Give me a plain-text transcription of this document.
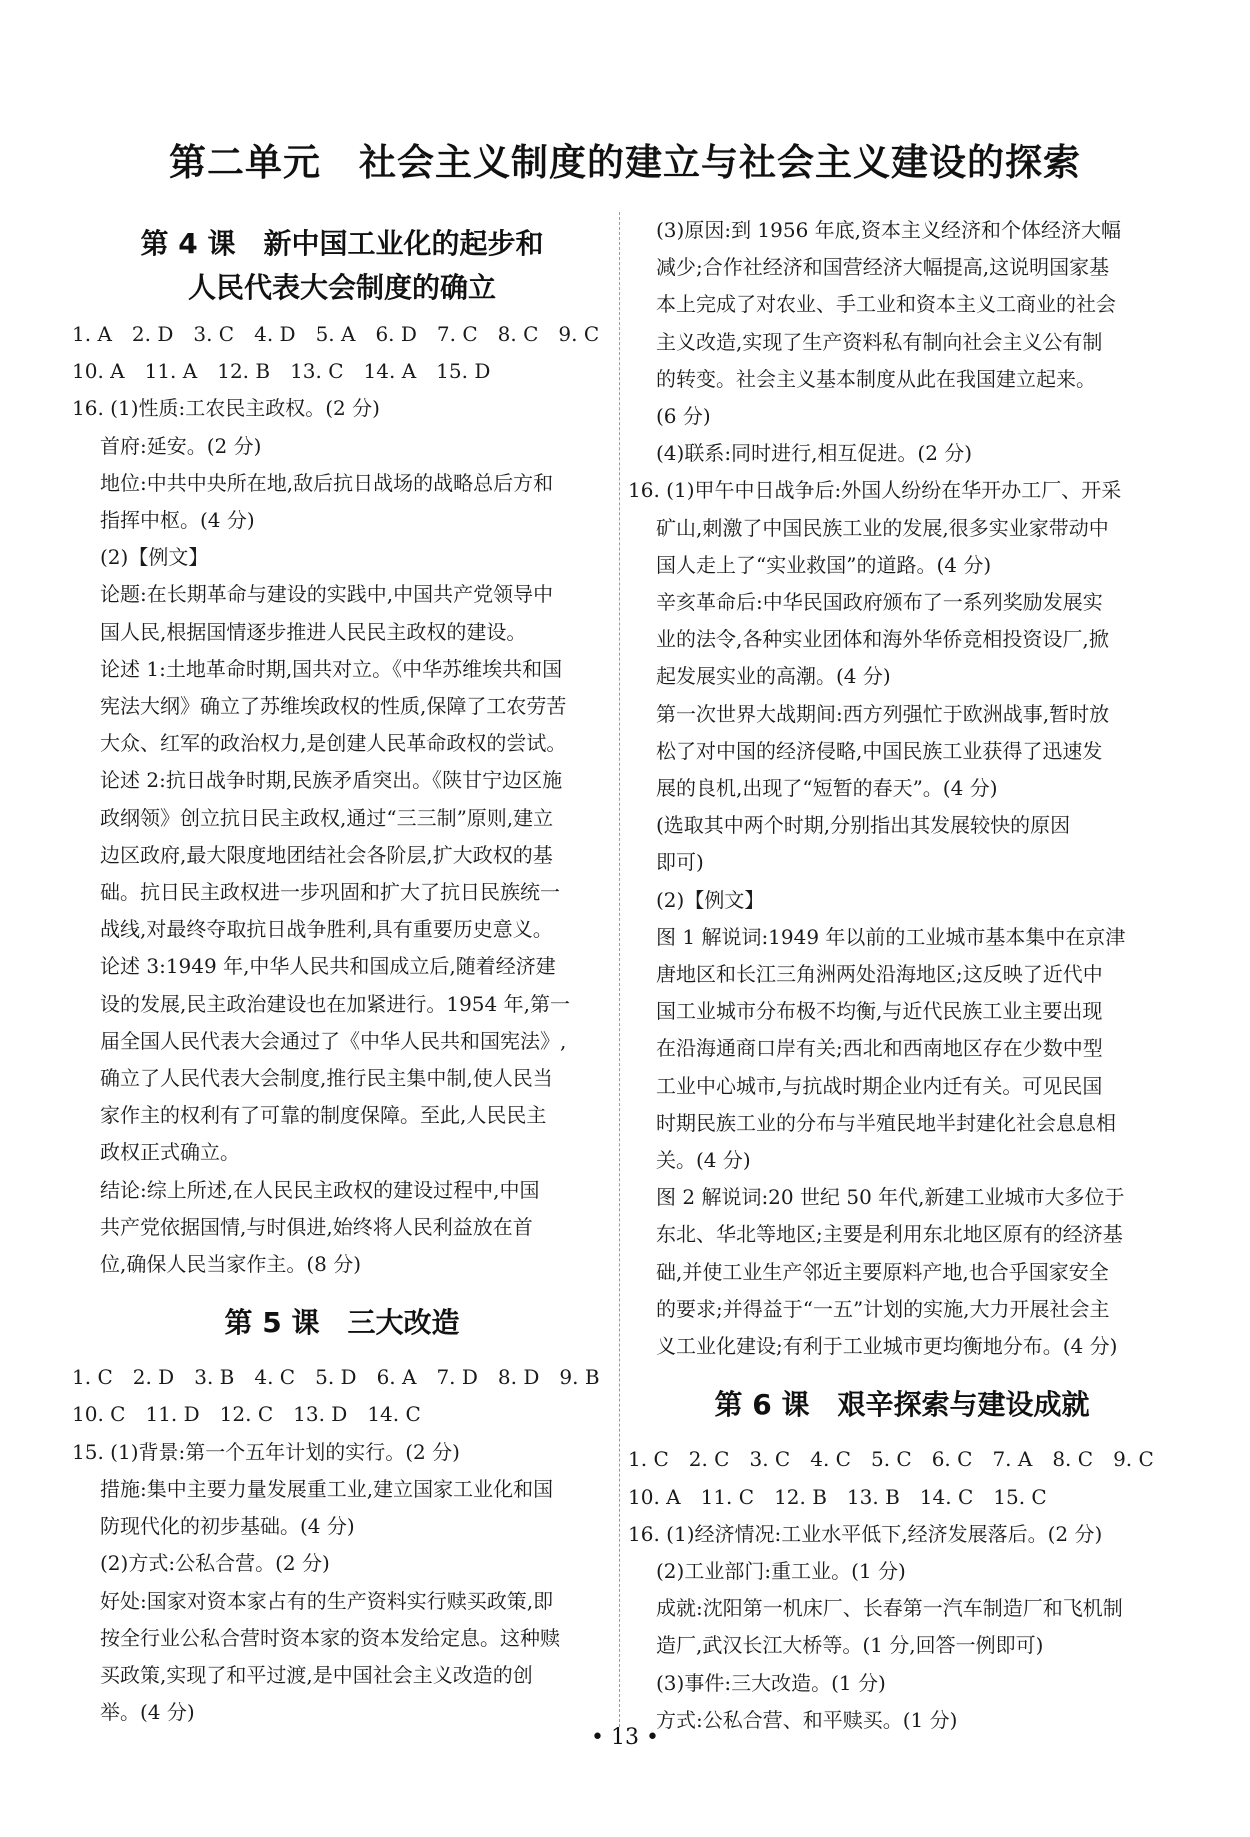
第二单元　社会主义制度的建立与社会主义建设的探索
第 4 课　新中国工业化的起步和
人民代表大会制度的确立
1. A　2. D　3. C　4. D　5. A　6. D　7. C　8. C　9. C
10. A　11. A　12. B　13. C　14. A　15. D
16. (1)性质:工农民主政权。(2 分)
首府:延安。(2 分)
地位:中共中央所在地,敌后抗日战场的战略总后方和
指挥中枢。(4 分)
(2)【例文】
论题:在长期革命与建设的实践中,中国共产党领导中
国人民,根据国情逐步推进人民民主政权的建设。
论述 1:土地革命时期,国共对立。《中华苏维埃共和国
宪法大纲》确立了苏维埃政权的性质,保障了工农劳苦
大众、红军的政治权力,是创建人民革命政权的尝试。
论述 2:抗日战争时期,民族矛盾突出。《陕甘宁边区施
政纲领》创立抗日民主政权,通过“三三制”原则,建立
边区政府,最大限度地团结社会各阶层,扩大政权的基
础。抗日民主政权进一步巩固和扩大了抗日民族统一
战线,对最终夺取抗日战争胜利,具有重要历史意义。
论述 3:1949 年,中华人民共和国成立后,随着经济建
设的发展,民主政治建设也在加紧进行。1954 年,第一
届全国人民代表大会通过了《中华人民共和国宪法》,
确立了人民代表大会制度,推行民主集中制,使人民当
家作主的权利有了可靠的制度保障。至此,人民民主
政权正式确立。
结论:综上所述,在人民民主政权的建设过程中,中国
共产党依据国情,与时俱进,始终将人民利益放在首
位,确保人民当家作主。(8 分)
第 5 课　三大改造
1. C　2. D　3. B　4. C　5. D　6. A　7. D　8. D　9. B
10. C　11. D　12. C　13. D　14. C
15. (1)背景:第一个五年计划的实行。(2 分)
措施:集中主要力量发展重工业,建立国家工业化和国
防现代化的初步基础。(4 分)
(2)方式:公私合营。(2 分)
好处:国家对资本家占有的生产资料实行赎买政策,即
按全行业公私合营时资本家的资本发给定息。这种赎
买政策,实现了和平过渡,是中国社会主义改造的创
举。(4 分)
(3)原因:到 1956 年底,资本主义经济和个体经济大幅
减少;合作社经济和国营经济大幅提高,这说明国家基
本上完成了对农业、手工业和资本主义工商业的社会
主义改造,实现了生产资料私有制向社会主义公有制
的转变。社会主义基本制度从此在我国建立起来。
(6 分)
(4)联系:同时进行,相互促进。(2 分)
16. (1)甲午中日战争后:外国人纷纷在华开办工厂、开采
矿山,刺激了中国民族工业的发展,很多实业家带动中
国人走上了“实业救国”的道路。(4 分)
辛亥革命后:中华民国政府颁布了一系列奖励发展实
业的法令,各种实业团体和海外华侨竞相投资设厂,掀
起发展实业的高潮。(4 分)
第一次世界大战期间:西方列强忙于欧洲战事,暂时放
松了对中国的经济侵略,中国民族工业获得了迅速发
展的良机,出现了“短暂的春天”。(4 分)
(选取其中两个时期,分别指出其发展较快的原因
即可)
(2)【例文】
图 1 解说词:1949 年以前的工业城市基本集中在京津
唐地区和长江三角洲两处沿海地区;这反映了近代中
国工业城市分布极不均衡,与近代民族工业主要出现
在沿海通商口岸有关;西北和西南地区存在少数中型
工业中心城市,与抗战时期企业内迁有关。可见民国
时期民族工业的分布与半殖民地半封建化社会息息相
关。(4 分)
图 2 解说词:20 世纪 50 年代,新建工业城市大多位于
东北、华北等地区;主要是利用东北地区原有的经济基
础,并使工业生产邻近主要原料产地,也合乎国家安全
的要求;并得益于“一五”计划的实施,大力开展社会主
义工业化建设;有利于工业城市更均衡地分布。(4 分)
第 6 课　艰辛探索与建设成就
1. C　2. C　3. C　4. C　5. C　6. C　7. A　8. C　9. C
10. A　11. C　12. B　13. B　14. C　15. C
16. (1)经济情况:工业水平低下,经济发展落后。(2 分)
(2)工业部门:重工业。(1 分)
成就:沈阳第一机床厂、长春第一汽车制造厂和飞机制
造厂,武汉长江大桥等。(1 分,回答一例即可)
(3)事件:三大改造。(1 分)
方式:公私合营、和平赎买。(1 分)
• 13 •
